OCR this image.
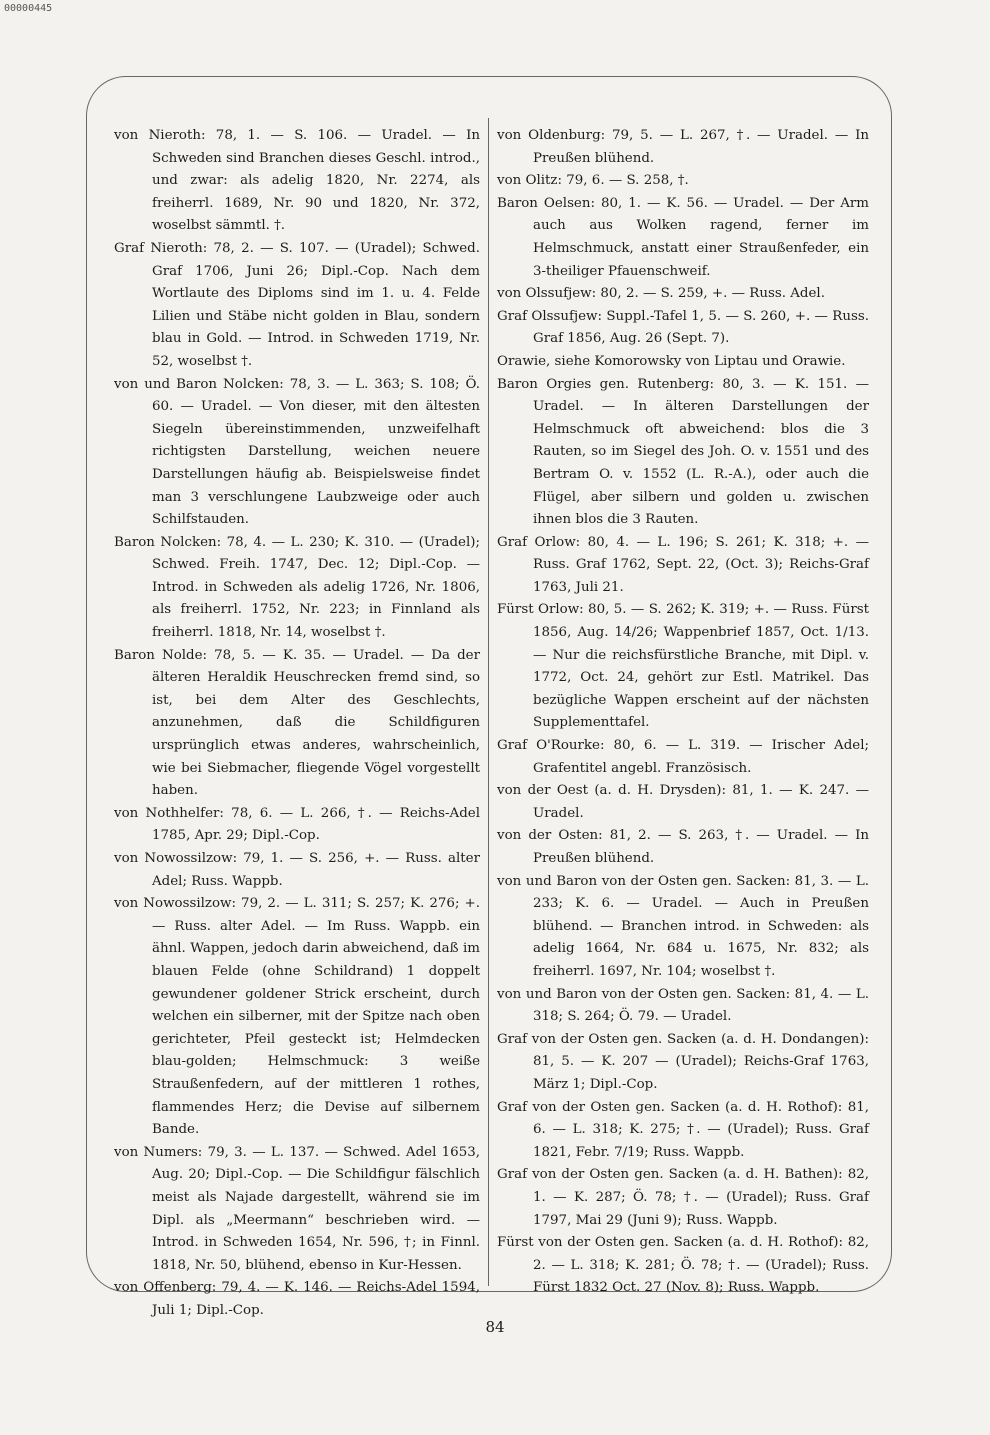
00000445

von Nieroth: 78, 1. — S. 106. — Uradel. — In Schweden sind Branchen dieses Geschl. introd., und zwar: als adelig 1820, Nr. 2274, als freiherrl. 1689, Nr. 90 und 1820, Nr. 372, woselbst sämmtl. †.

Graf Nieroth: 78, 2. — S. 107. — (Uradel); Schwed. Graf 1706, Juni 26; Dipl.-Cop. Nach dem Wortlaute des Diploms sind im 1. u. 4. Felde Lilien und Stäbe nicht golden in Blau, sondern blau in Gold. — Introd. in Schweden 1719, Nr. 52, woselbst †.

von und Baron Nolcken: 78, 3. — L. 363; S. 108; Ö. 60. — Uradel. — Von dieser, mit den ältesten Siegeln übereinstimmenden, unzweifelhaft richtigsten Darstellung, weichen neuere Darstellungen häufig ab. Beispielsweise findet man 3 verschlungene Laubzweige oder auch Schilfstauden.

Baron Nolcken: 78, 4. — L. 230; K. 310. — (Uradel); Schwed. Freih. 1747, Dec. 12; Dipl.-Cop. — Introd. in Schweden als adelig 1726, Nr. 1806, als freiherrl. 1752, Nr. 223; in Finnland als freiherrl. 1818, Nr. 14, woselbst †.

Baron Nolde: 78, 5. — K. 35. — Uradel. — Da der älteren Heraldik Heuschrecken fremd sind, so ist, bei dem Alter des Geschlechts, anzunehmen, daß die Schildfiguren ursprünglich etwas anderes, wahrscheinlich, wie bei Siebmacher, fliegende Vögel vorgestellt haben.

von Nothhelfer: 78, 6. — L. 266, †. — Reichs-Adel 1785, Apr. 29; Dipl.-Cop.

von Nowossilzow: 79, 1. — S. 256, +. — Russ. alter Adel; Russ. Wappb.

von Nowossilzow: 79, 2. — L. 311; S. 257; K. 276; +. — Russ. alter Adel. — Im Russ. Wappb. ein ähnl. Wappen, jedoch darin abweichend, daß im blauen Felde (ohne Schildrand) 1 doppelt gewundener goldener Strick erscheint, durch welchen ein silberner, mit der Spitze nach oben gerichteter, Pfeil gesteckt ist; Helmdecken blau-golden; Helmschmuck: 3 weiße Straußenfedern, auf der mittleren 1 rothes, flammendes Herz; die Devise auf silbernem Bande.

von Numers: 79, 3. — L. 137. — Schwed. Adel 1653, Aug. 20; Dipl.-Cop. — Die Schildfigur fälschlich meist als Najade dargestellt, während sie im Dipl. als „Meermann“ beschrieben wird. — Introd. in Schweden 1654, Nr. 596, †; in Finnl. 1818, Nr. 50, blühend, ebenso in Kur-Hessen.

von Offenberg: 79, 4. — K. 146. — Reichs-Adel 1594, Juli 1; Dipl.-Cop.

von Oldenburg: 79, 5. — L. 267, †. — Uradel. — In Preußen blühend.

von Olitz: 79, 6. — S. 258, †.

Baron Oelsen: 80, 1. — K. 56. — Uradel. — Der Arm auch aus Wolken ragend, ferner im Helmschmuck, anstatt einer Straußenfeder, ein 3-theiliger Pfauenschweif.

von Olssufjew: 80, 2. — S. 259, +. — Russ. Adel.

Graf Olssufjew: Suppl.-Tafel 1, 5. — S. 260, +. — Russ. Graf 1856, Aug. 26 (Sept. 7).

Orawie, siehe Komorowsky von Liptau und Orawie.

Baron Orgies gen. Rutenberg: 80, 3. — K. 151. — Uradel. — In älteren Darstellungen der Helmschmuck oft abweichend: blos die 3 Rauten, so im Siegel des Joh. O. v. 1551 und des Bertram O. v. 1552 (L. R.-A.), oder auch die Flügel, aber silbern und golden u. zwischen ihnen blos die 3 Rauten.

Graf Orlow: 80, 4. — L. 196; S. 261; K. 318; +. — Russ. Graf 1762, Sept. 22, (Oct. 3); Reichs-Graf 1763, Juli 21.

Fürst Orlow: 80, 5. — S. 262; K. 319; +. — Russ. Fürst 1856, Aug. 14/26; Wappenbrief 1857, Oct. 1/13. — Nur die reichsfürstliche Branche, mit Dipl. v. 1772, Oct. 24, gehört zur Estl. Matrikel. Das bezügliche Wappen erscheint auf der nächsten Supplementtafel.

Graf O'Rourke: 80, 6. — L. 319. — Irischer Adel; Grafentitel angebl. Französisch.

von der Oest (a. d. H. Drysden): 81, 1. — K. 247. — Uradel.

von der Osten: 81, 2. — S. 263, †. — Uradel. — In Preußen blühend.

von und Baron von der Osten gen. Sacken: 81, 3. — L. 233; K. 6. — Uradel. — Auch in Preußen blühend. — Branchen introd. in Schweden: als adelig 1664, Nr. 684 u. 1675, Nr. 832; als freiherrl. 1697, Nr. 104; woselbst †.

von und Baron von der Osten gen. Sacken: 81, 4. — L. 318; S. 264; Ö. 79. — Uradel.

Graf von der Osten gen. Sacken (a. d. H. Dondangen): 81, 5. — K. 207 — (Uradel); Reichs-Graf 1763, März 1; Dipl.-Cop.

Graf von der Osten gen. Sacken (a. d. H. Rothof): 81, 6. — L. 318; K. 275; †. — (Uradel); Russ. Graf 1821, Febr. 7/19; Russ. Wappb.

Graf von der Osten gen. Sacken (a. d. H. Bathen): 82, 1. — K. 287; Ö. 78; †. — (Uradel); Russ. Graf 1797, Mai 29 (Juni 9); Russ. Wappb.

Fürst von der Osten gen. Sacken (a. d. H. Rothof): 82, 2. — L. 318; K. 281; Ö. 78; †. — (Uradel); Russ. Fürst 1832 Oct. 27 (Nov. 8); Russ. Wappb.

84
